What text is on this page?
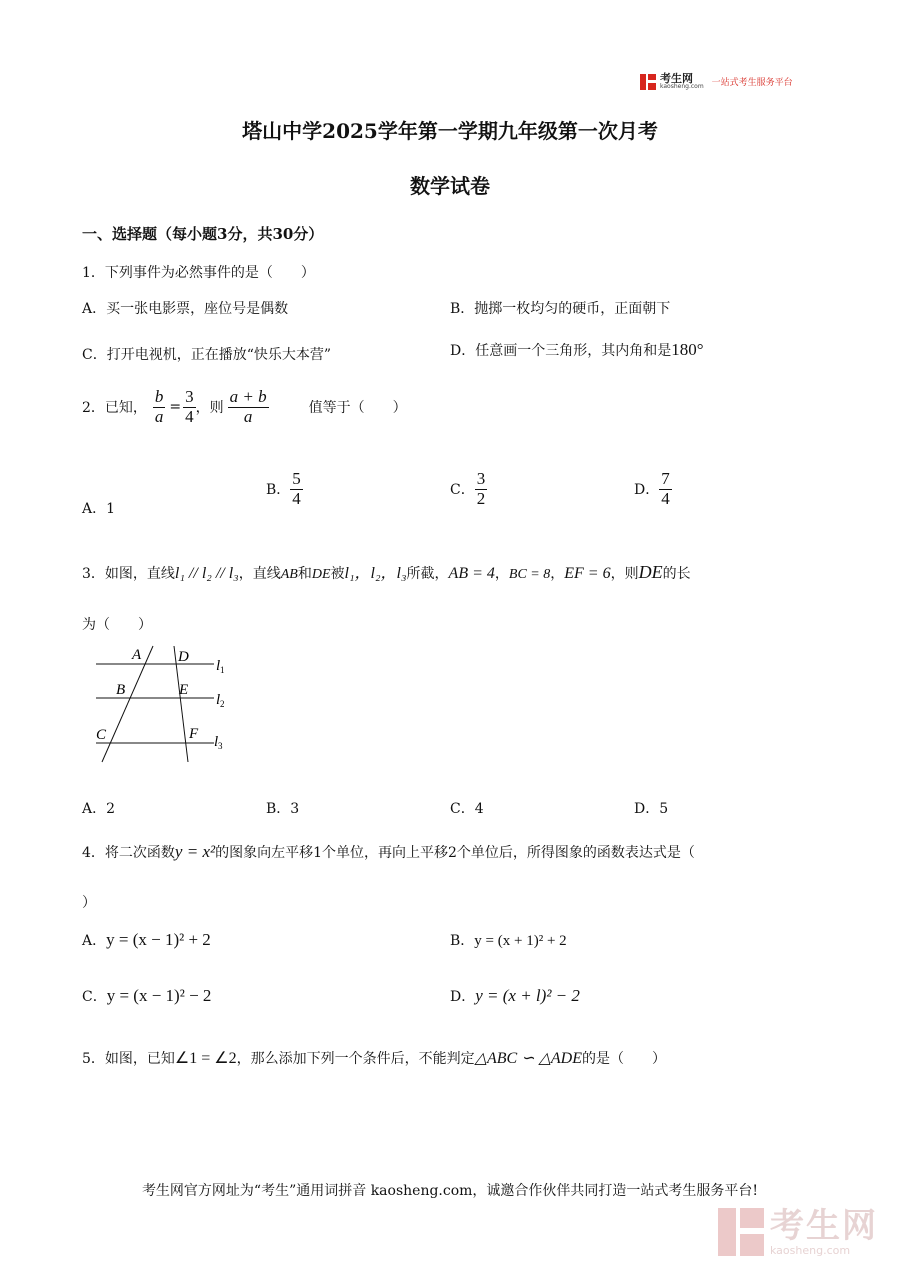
考生网
kaosheng.com 一站式考生服务平台
塔山中学2025学年第一学期九年级第一次月考
数学试卷
一、选择题（每小题3分，共30分）
1．下列事件为必然事件的是（　　）
A．买一张电影票，座位号是偶数	B．抛掷一枚均匀的硬币，正面朝下
C．打开电视机，正在播放“快乐大本营”	D．任意画一个三角形，其内角和是180°
2．已知， $\frac{b}{a} = \frac{3}{4}$ ，则 $\frac{a + b}{a}$	值等于（　　）
A．1
B． $\frac{5}{4}$	C． $\frac{3}{2}$	D． $\frac{7}{4}$
3．如图，直线 l₁ // l₂ // l₃ ，直线 AB 和 DE 被 l₁，l₂，l₃ 所截， AB = 4 ， BC = 8 ， EF = 6 ，则 DE 的长
为（　　）
A D
B	E
C	F
l 1
l 2
l 3
A．2	B．3	C．4	D．5
4．将二次函数 y = x² 的图象向左平移1个单位，再向上平移2个单位后，所得图象的函数表达式是（
）
A． y = (x − 1)² + 2	B． y = (x + 1)² + 2
C． y = (x − 1)² − 2	D． y = (x + l)² − 2
5．如图，已知 ∠1 = ∠2 ，那么添加下列一个条件后，不能判定 △ABC ∽ △ADE 的是（　　）
考生网官方网址为“考生”通用词拼音 kaosheng.com，诚邀合作伙伴共同打造一站式考生服务平台!
考生网
kaosheng.com
